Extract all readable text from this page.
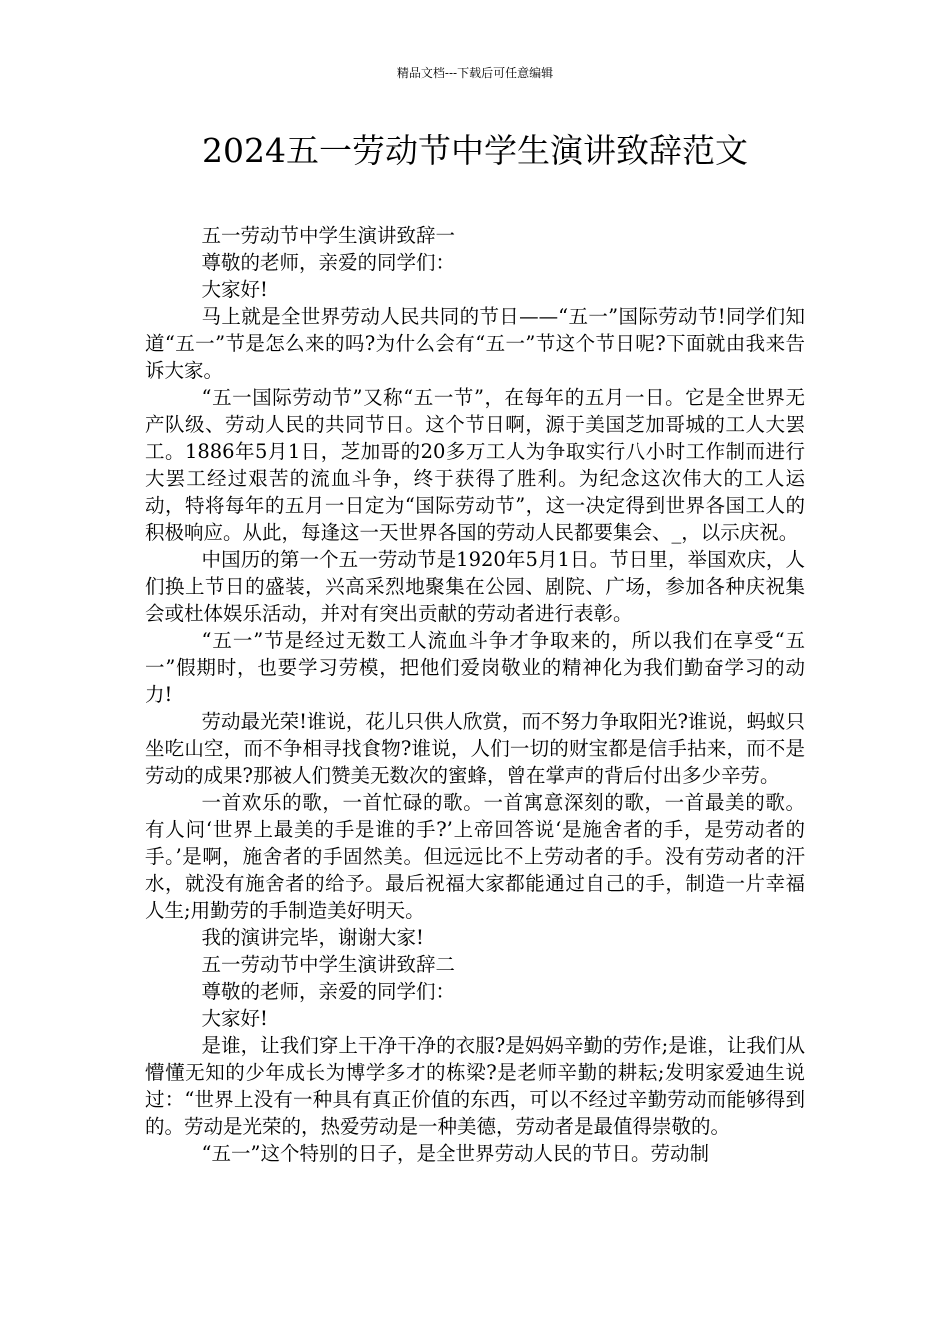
精品文档---下载后可任意编辑
2024五一劳动节中学生演讲致辞范文

五一劳动节中学生演讲致辞一

尊敬的老师，亲爱的同学们：

大家好!

马上就是全世界劳动人民共同的节日——“五一”国际劳动节!同学们知道“五一”节是怎么来的吗?为什么会有“五一”节这个节日呢?下面就由我来告诉大家。

“五一国际劳动节”又称“五一节”，在每年的五月一日。它是全世界无产队级、劳动人民的共同节日。这个节日啊，源于美国芝加哥城的工人大罢工。1886年5月1日，芝加哥的20多万工人为争取实行八小时工作制而进行大罢工经过艰苦的流血斗争，终于获得了胜利。为纪念这次伟大的工人运动，特将每年的五月一日定为“国际劳动节”，这一决定得到世界各国工人的积极响应。从此，每逢这一天世界各国的劳动人民都要集会、_，以示庆祝。

中国历的第一个五一劳动节是1920年5月1日。节日里，举国欢庆，人们换上节日的盛装，兴高采烈地聚集在公园、剧院、广场，参加各种庆祝集会或杜体娱乐活动，并对有突出贡献的劳动者进行表彰。

“五一”节是经过无数工人流血斗争才争取来的，所以我们在享受“五一”假期时，也要学习劳模，把他们爱岗敬业的精神化为我们勤奋学习的动力!

劳动最光荣!谁说，花儿只供人欣赏，而不努力争取阳光?谁说，蚂蚁只坐吃山空，而不争相寻找食物?谁说，人们一切的财宝都是信手拈来，而不是劳动的成果?那被人们赞美无数次的蜜蜂，曾在掌声的背后付出多少辛劳。

一首欢乐的歌，一首忙碌的歌。一首寓意深刻的歌，一首最美的歌。有人问‘世界上最美的手是谁的手?’上帝回答说‘是施舍者的手，是劳动者的手。’是啊，施舍者的手固然美。但远远比不上劳动者的手。没有劳动者的汗水，就没有施舍者的给予。最后祝福大家都能通过自己的手，制造一片幸福人生;用勤劳的手制造美好明天。

我的演讲完毕，谢谢大家!

五一劳动节中学生演讲致辞二

尊敬的老师，亲爱的同学们：

大家好!

是谁，让我们穿上干净干净的衣服?是妈妈辛勤的劳作;是谁，让我们从懵懂无知的少年成长为博学多才的栋梁?是老师辛勤的耕耘;发明家爱迪生说过：“世界上没有一种具有真正价值的东西，可以不经过辛勤劳动而能够得到的。劳动是光荣的，热爱劳动是一种美德，劳动者是最值得崇敬的。

“五一”这个特别的日子，是全世界劳动人民的节日。劳动制
